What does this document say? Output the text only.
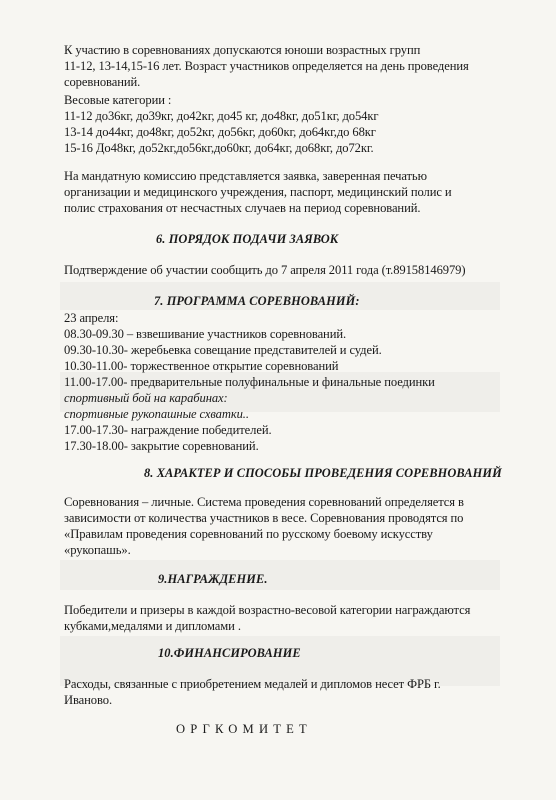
К участию в соревнованиях допускаются юноши возрастных групп
11-12, 13-14,15-16 лет. Возраст участников определяется на день проведения
соревнований.
Весовые категории :
11-12 до36кг, до39кг, до42кг, до45 кг, до48кг, до51кг, до54кг
13-14 до44кг, до48кг, до52кг, до56кг, до60кг, до64кг,до 68кг
15-16 До48кг, до52кг,до56кг,до60кг, до64кг, до68кг, до72кг.
На мандатную комиссию представляется заявка, заверенная печатью
организации и медицинского учреждения, паспорт, медицинский полис и
полис страхования от несчастных случаев на период соревнований.
6. ПОРЯДОК ПОДАЧИ ЗАЯВОК
Подтверждение об участии сообщить до 7 апреля 2011 года (т.89158146979)
7. ПРОГРАММА СОРЕВНОВАНИЙ:
23 апреля:
08.30-09.30 – взвешивание участников соревнований.
09.30-10.30- жеребьевка совещание представителей и судей.
10.30-11.00- торжественное открытие соревнований
11.00-17.00- предварительные полуфинальные и финальные поединки
спортивный бой на карабинах:
спортивные рукопашные схватки..
17.00-17.30- награждение победителей.
17.30-18.00- закрытие соревнований.
8. ХАРАКТЕР И СПОСОБЫ ПРОВЕДЕНИЯ СОРЕВНОВАНИЙ
Соревнования – личные. Система проведения соревнований определяется в
зависимости от количества участников в весе. Соревнования проводятся по
«Правилам проведения соревнований по русскому боевому искусству
«рукопашь».
9.НАГРАЖДЕНИЕ.
Победители и призеры в каждой возрастно-весовой категории награждаются
кубками,медалями и дипломами .
10.ФИНАНСИРОВАНИЕ
Расходы, связанные с приобретением медалей и дипломов несет ФРБ г.
Иваново.
ОРГКОМИТЕТ
